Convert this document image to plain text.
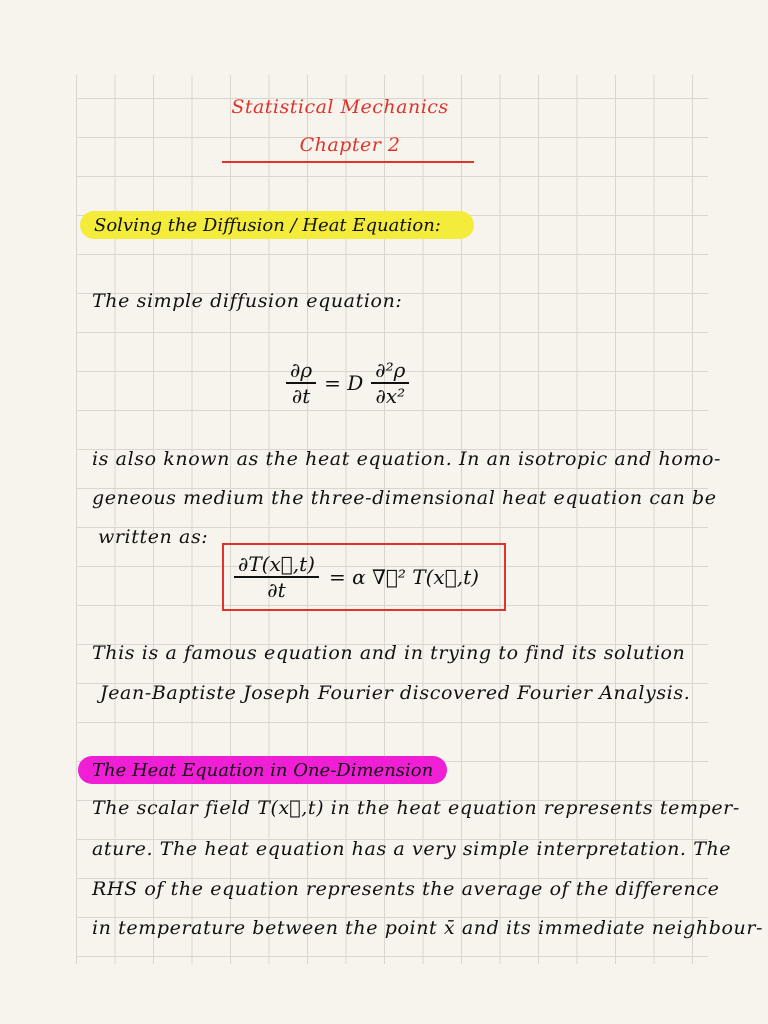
Statistical Mechanics
Chapter 2
Solving the Diffusion / Heat Equation:
The simple diffusion equation:
$\frac{\partial\rho}{\partial t} = D \frac{\text{∂²ρ}}{\text{∂x²}}$
is also known as the heat equation. In an isotropic and homo-
geneous medium the three-dimensional heat equation can be
written as:
$\frac{\partial T(x⃗,t)}{\partial t} = \alpha$ ∇⃗² T(x⃗,t)
This is a famous equation and in trying to find its solution
Jean-Baptiste Joseph Fourier discovered Fourier Analysis.
The Heat Equation in One-Dimension
The scalar field T(x⃗,t) in the heat equation represents temper-
ature. The heat equation has a very simple interpretation. The
RHS of the equation represents the average of the difference
in temperature between the point x̄ and its immediate neighbour-
